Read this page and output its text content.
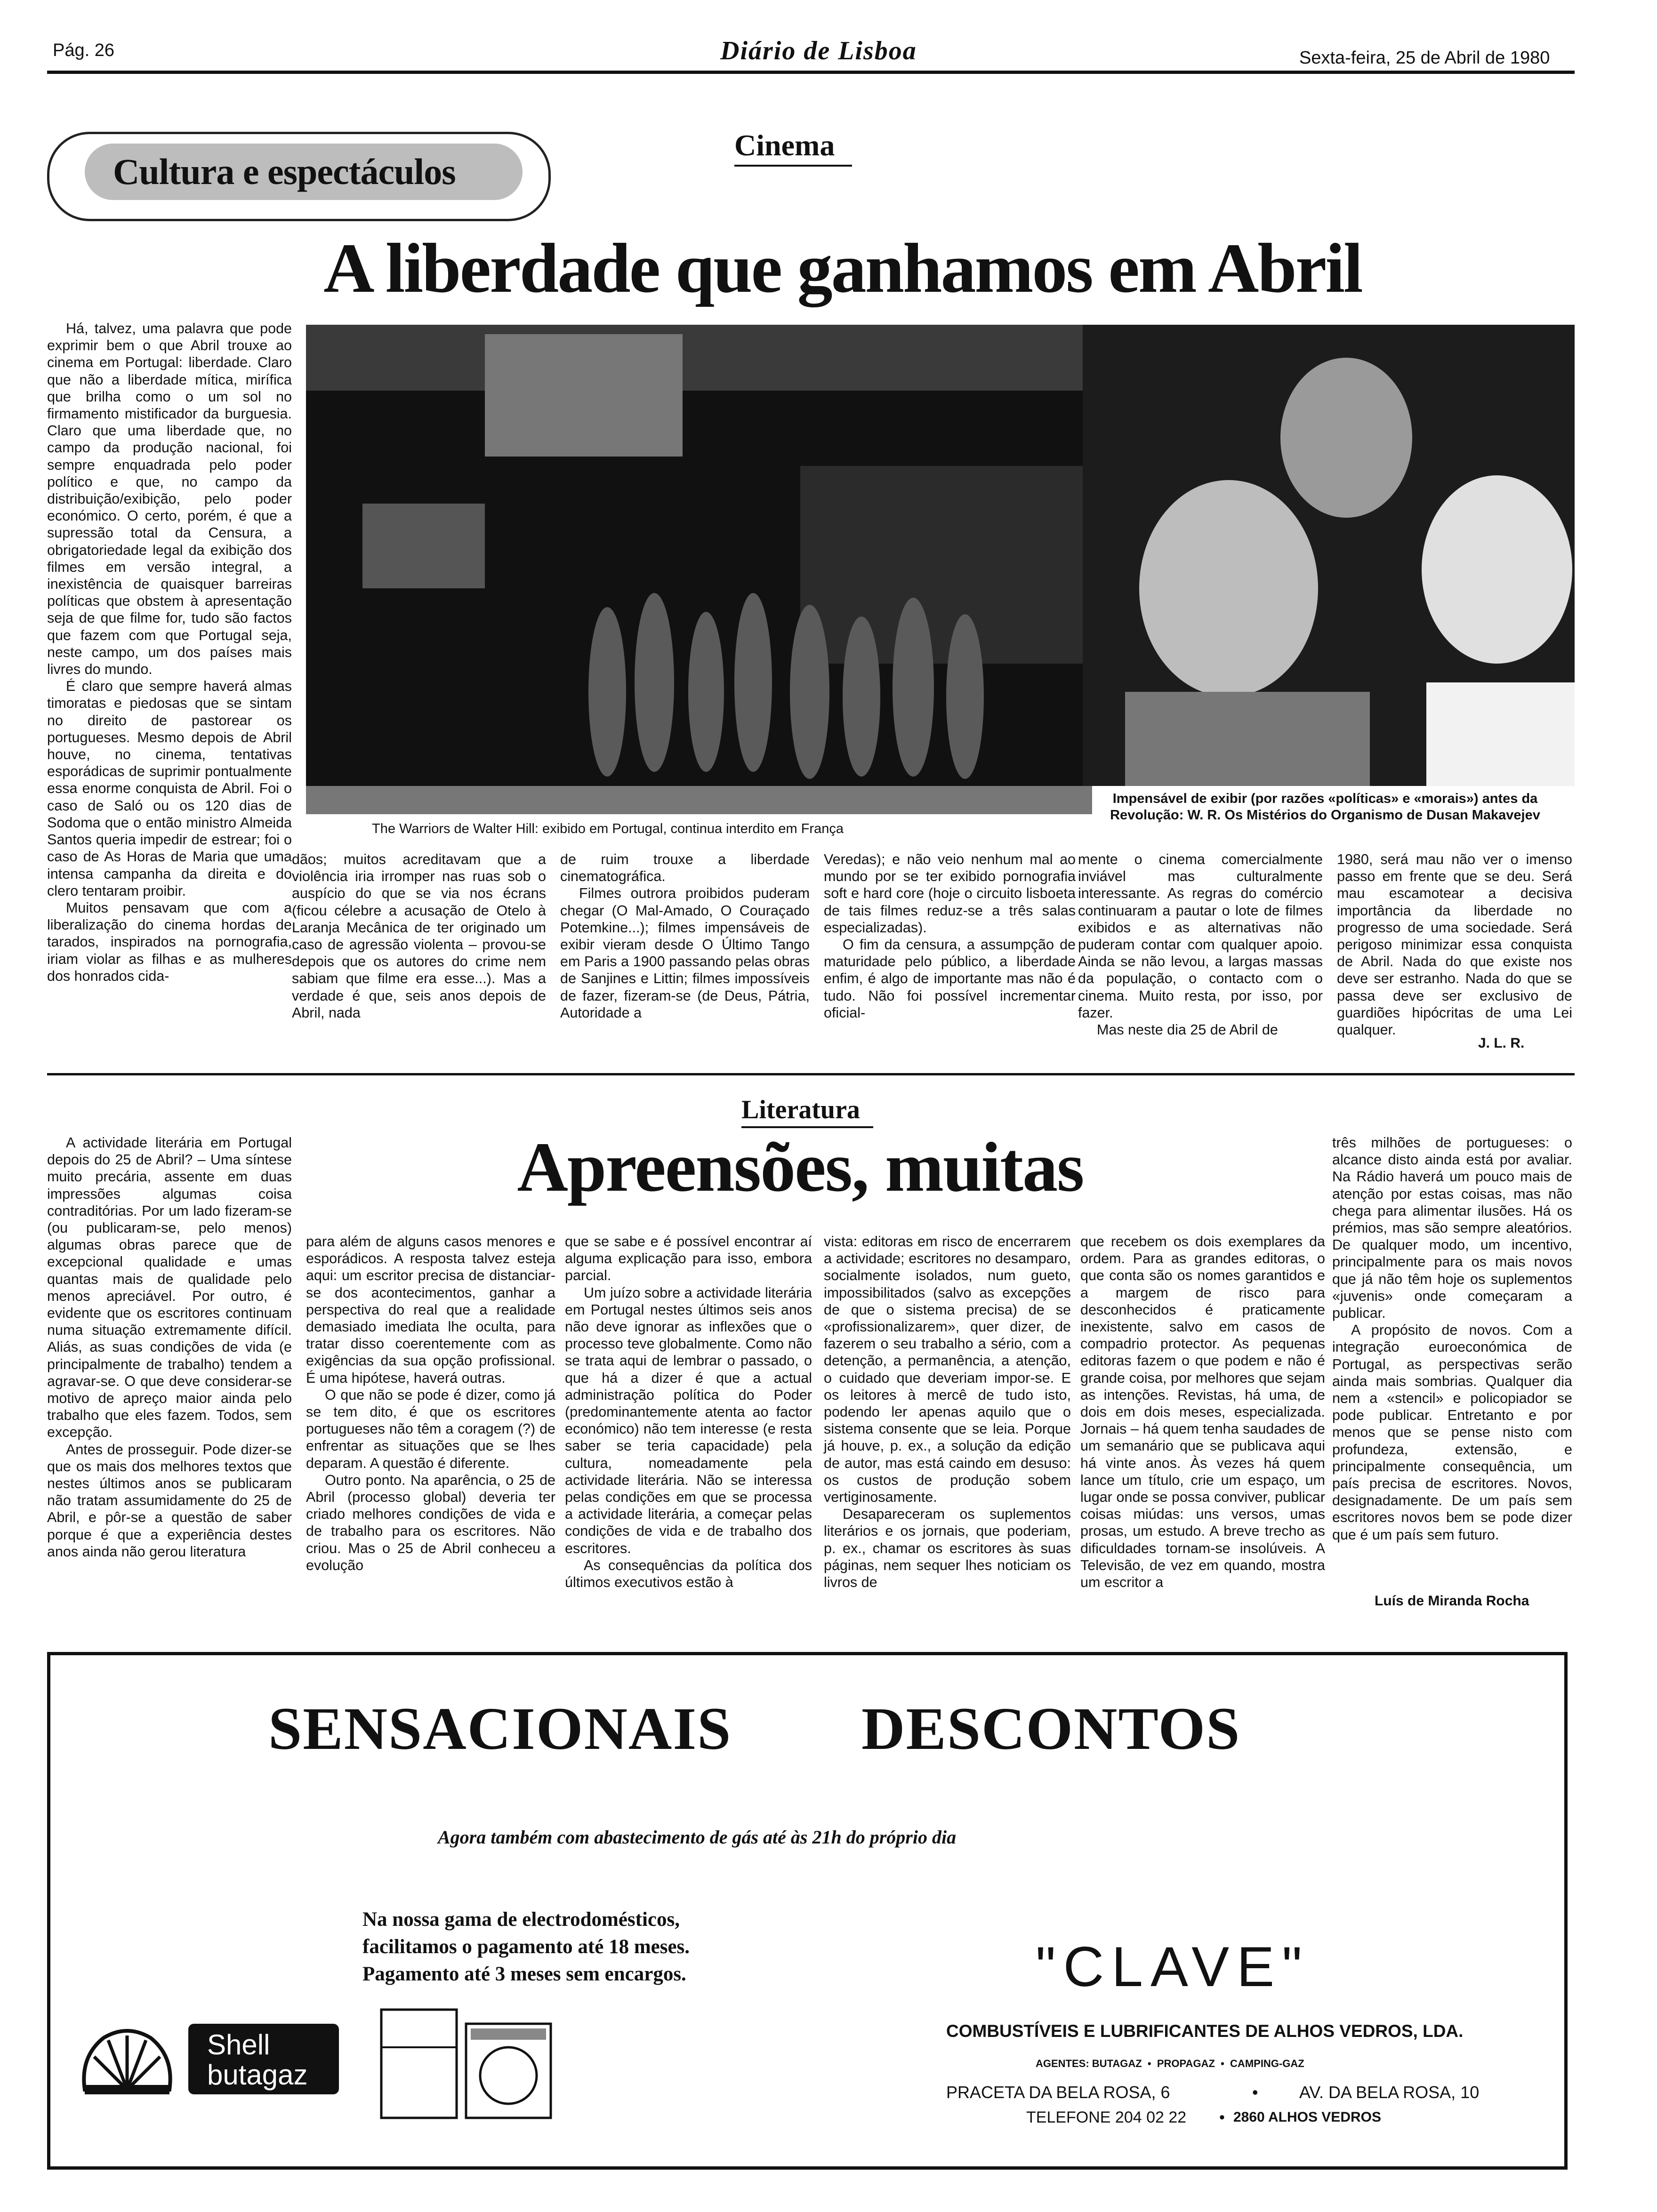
Pág. 26	Diário de Lisboa	Sexta-feira, 25 de Abril de 1980
Cultura e espectáculos
Cinema
A liberdade que ganhamos em Abril

Há, talvez, uma palavra que pode exprimir bem o que Abril trouxe ao cinema em Portugal: liberdade. Claro que não a liberdade mítica, mirífica que brilha como o um sol no firmamento mistificador da burguesia. Claro que uma liberdade que, no campo da produção nacional, foi sempre enquadrada pelo poder político e que, no campo da distribuição/exibição, pelo poder económico. O certo, porém, é que a supressão total da Censura, a obrigatoriedade legal da exibição dos filmes em versão integral, a inexistência de quaisquer barreiras políticas que obstem à apresentação seja de que filme for, tudo são factos que fazem com que Portugal seja, neste campo, um dos países mais livres do mundo.

É claro que sempre haverá almas timoratas e piedosas que se sintam no direito de pastorear os portugueses. Mesmo depois de Abril houve, no cinema, tentativas esporádicas de suprimir pontualmente essa enorme conquista de Abril. Foi o caso de Saló ou os 120 dias de Sodoma que o então ministro Almeida Santos queria impedir de estrear; foi o caso de As Horas de Maria que uma intensa campanha da direita e do clero tentaram proibir.

Muitos pensavam que com a liberalização do cinema hordas de tarados, inspirados na pornografia, iriam violar as filhas e as mulheres dos honrados cida-

The Warriors de Walter Hill: exibido em Portugal, continua interdito em França
Impensável de exibir (por razões «políticas» e «morais») antes da Revolução: W. R. Os Mistérios do Organismo de Dusan Makavejev

dãos; muitos acreditavam que a violência iria irromper nas ruas sob o auspício do que se via nos écrans (ficou célebre a acusação de Otelo à Laranja Mecânica de ter originado um caso de agressão violenta – provou-se depois que os autores do crime nem sabiam que filme era esse...). Mas a verdade é que, seis anos depois de Abril, nada

de ruim trouxe a liberdade cinematográfica.

Filmes outrora proibidos puderam chegar (O Mal-Amado, O Couraçado Potemkine...); filmes impensáveis de exibir vieram desde O Último Tango em Paris a 1900 passando pelas obras de Sanjines e Littin; filmes impossíveis de fazer, fizeram-se (de Deus, Pátria, Autoridade a

Veredas); e não veio nenhum mal ao mundo por se ter exibido pornografia soft e hard core (hoje o circuito lisboeta de tais filmes reduz-se a três salas especializadas).

O fim da censura, a assumpção de maturidade pelo público, a liberdade enfim, é algo de importante mas não é tudo. Não foi possível incrementar oficial-

mente o cinema comercialmente inviável mas culturalmente interessante. As regras do comércio continuaram a pautar o lote de filmes exibidos e as alternativas não puderam contar com qualquer apoio. Ainda se não levou, a largas massas da população, o contacto com o cinema. Muito resta, por isso, por fazer.

Mas neste dia 25 de Abril de

1980, será mau não ver o imenso passo em frente que se deu. Será mau escamotear a decisiva importância da liberdade no progresso de uma sociedade. Será perigoso minimizar essa conquista de Abril. Nada do que existe nos deve ser estranho. Nada do que se passa deve ser exclusivo de guardiões hipócritas de uma Lei qualquer.

J. L. R.
Literatura
Apreensões, muitas

A actividade literária em Portugal depois do 25 de Abril? – Uma síntese muito precária, assente em duas impressões algumas coisa contraditórias. Por um lado fizeram-se (ou publicaram-se, pelo menos) algumas obras parece que de excepcional qualidade e umas quantas mais de qualidade pelo menos apreciável. Por outro, é evidente que os escritores continuam numa situação extremamente difícil. Aliás, as suas condições de vida (e principalmente de trabalho) tendem a agravar-se. O que deve considerar-se motivo de apreço maior ainda pelo trabalho que eles fazem. Todos, sem excepção.

Antes de prosseguir. Pode dizer-se que os mais dos melhores textos que nestes últimos anos se publicaram não tratam assumidamente do 25 de Abril, e pôr-se a questão de saber porque é que a experiência destes anos ainda não gerou literatura

para além de alguns casos menores e esporádicos. A resposta talvez esteja aqui: um escritor precisa de distanciar-se dos acontecimentos, ganhar a perspectiva do real que a realidade demasiado imediata lhe oculta, para tratar disso coerentemente com as exigências da sua opção profissional. É uma hipótese, haverá outras.

O que não se pode é dizer, como já se tem dito, é que os escritores portugueses não têm a coragem (?) de enfrentar as situações que se lhes deparam. A questão é diferente.

Outro ponto. Na aparência, o 25 de Abril (processo global) deveria ter criado melhores condições de vida e de trabalho para os escritores. Não criou. Mas o 25 de Abril conheceu a evolução

que se sabe e é possível encontrar aí alguma explicação para isso, embora parcial.

Um juízo sobre a actividade literária em Portugal nestes últimos seis anos não deve ignorar as inflexões que o processo teve globalmente. Como não se trata aqui de lembrar o passado, o que há a dizer é que a actual administração política do Poder (predominantemente atenta ao factor económico) não tem interesse (e resta saber se teria capacidade) pela cultura, nomeadamente pela actividade literária. Não se interessa pelas condições em que se processa a actividade literária, a começar pelas condições de vida e de trabalho dos escritores.

As consequências da política dos últimos executivos estão à

vista: editoras em risco de encerrarem a actividade; escritores no desamparo, socialmente isolados, num gueto, impossibilitados (salvo as excepções de que o sistema precisa) de se «profissionalizarem», quer dizer, de fazerem o seu trabalho a sério, com a detenção, a permanência, a atenção, o cuidado que deveriam impor-se. E os leitores à mercê de tudo isto, podendo ler apenas aquilo que o sistema consente que se leia. Porque já houve, p. ex., a solução da edição de autor, mas está caindo em desuso: os custos de produção sobem vertiginosamente.

Desapareceram os suplementos literários e os jornais, que poderiam, p. ex., chamar os escritores às suas páginas, nem sequer lhes noticiam os livros de

que recebem os dois exemplares da ordem. Para as grandes editoras, o que conta são os nomes garantidos e a margem de risco para desconhecidos é praticamente inexistente, salvo em casos de compadrio protector. As pequenas editoras fazem o que podem e não é grande coisa, por melhores que sejam as intenções. Revistas, há uma, de dois em dois meses, especializada. Jornais – há quem tenha saudades de um semanário que se publicava aqui há vinte anos. Às vezes há quem lance um título, crie um espaço, um lugar onde se possa conviver, publicar coisas miúdas: uns versos, umas prosas, um estudo. A breve trecho as dificuldades tornam-se insolúveis. A Televisão, de vez em quando, mostra um escritor a

três milhões de portugueses: o alcance disto ainda está por avaliar. Na Rádio haverá um pouco mais de atenção por estas coisas, mas não chega para alimentar ilusões. Há os prémios, mas são sempre aleatórios. De qualquer modo, um incentivo, principalmente para os mais novos que já não têm hoje os suplementos «juvenis» onde começaram a publicar.

A propósito de novos. Com a integração euroeconómica de Portugal, as perspectivas serão ainda mais sombrias. Qualquer dia nem a «stencil» e policopiador se pode publicar. Entretanto e por menos que se pense nisto com profundeza, extensão, e principalmente consequência, um país precisa de escritores. Novos, designadamente. De um país sem escritores novos bem se pode dizer que é um país sem futuro.

Luís de Miranda Rocha
SENSACIONAIS DESCONTOS
Agora também com abastecimento de gás até às 21h do próprio dia
Na nossa gama de electrodomésticos, facilitamos o pagamento até 18 meses. Pagamento até 3 meses sem encargos.
Shell
butagaz
"CLAVE"
COMBUSTÍVEIS E LUBRIFICANTES DE ALHOS VEDROS, LDA.
AGENTES: BUTAGAZ  •  PROPAGAZ  •  CAMPING-GAZ
PRACETA DA BELA ROSA, 6	• AV. DA BELA ROSA, 10
TELEFONE 204 02 22 • 2860 ALHOS VEDROS
